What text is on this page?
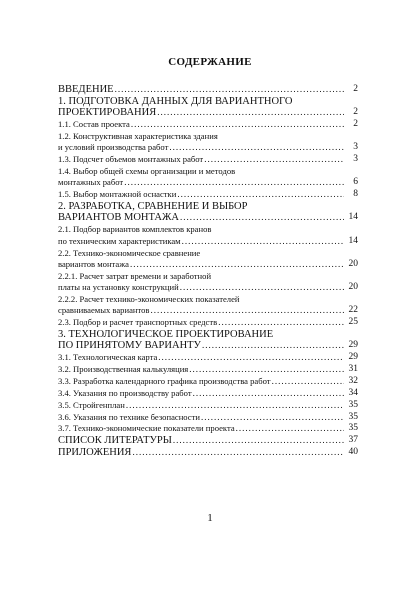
СОДЕРЖАНИЕ
ВВЕДЕНИЕ .....	2
1. ПОДГОТОВКА ДАННЫХ ДЛЯ ВАРИАНТНОГО
ПРОЕКТИРОВАНИЯ .....	2
1.1. Состав проекта .....	2
1.2. Конструктивная характеристика здания
и условий производства работ .....	3
1.3. Подсчет объемов монтажных работ .....	3
1.4. Выбор общей схемы организации и методов
монтажных работ .....	6
1.5. Выбор монтажной оснастки .....	8
2. РАЗРАБОТКА, СРАВНЕНИЕ И ВЫБОР
ВАРИАНТОВ МОНТАЖА .....	14
2.1. Подбор вариантов комплектов кранов
по техническим характеристикам .....	14
2.2. Технико-экономическое сравнение
вариантов монтажа .....	20
2.2.1. Расчет затрат времени и заработной
платы на установку конструкций .....	20
2.2.2. Расчет технико-экономических показателей
сравниваемых вариантов .....	22
2.3. Подбор и расчет транспортных средств .....	25
3. ТЕХНОЛОГИЧЕСКОЕ ПРОЕКТИРОВАНИЕ
ПО ПРИНЯТОМУ ВАРИАНТУ .....	29
3.1. Технологическая карта .....	29
3.2. Производственная калькуляция .....	31
3.3. Разработка календарного графика производства работ .....	32
3.4. Указания по производству работ .....	34
3.5. Стройгенплан .....	35
3.6. Указания по технике безопасности .....	35
3.7. Технико-экономические показатели проекта .....	35
СПИСОК ЛИТЕРАТУРЫ .....	37
ПРИЛОЖЕНИЯ .....	40
1
